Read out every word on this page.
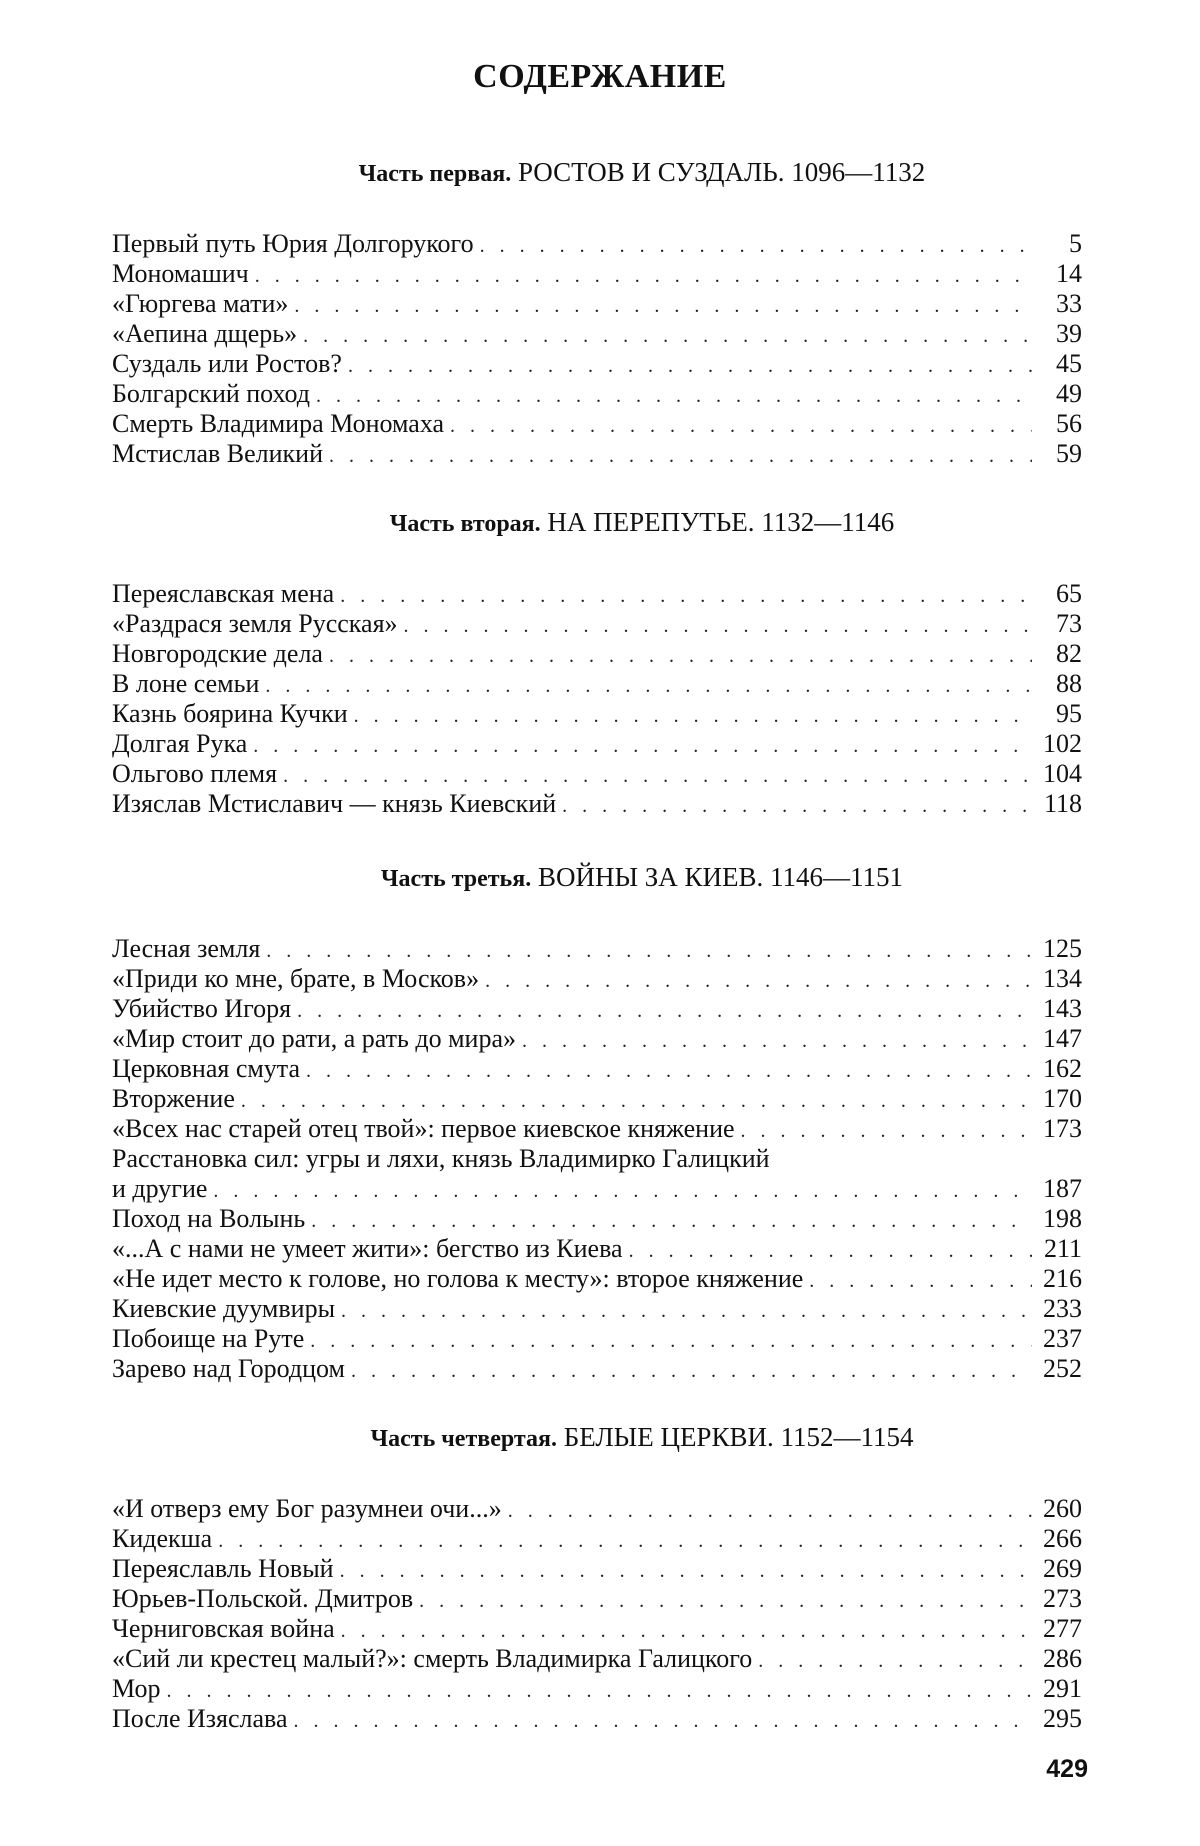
СОДЕРЖАНИЕ
Часть первая. РОСТОВ И СУЗДАЛЬ. 1096—1132
Первый путь Юрия Долгорукого . . .	5
Мономашич . . .	14
«Гюргева мати» . . .	33
«Аепина дщерь» . . .	39
Суздаль или Ростов? . . .	45
Болгарский поход . . .	49
Смерть Владимира Мономаха . . .	56
Мстислав Великий . . .	59
Часть вторая. НА ПЕРЕПУТЬЕ. 1132—1146
Переяславская мена . . .	65
«Раздрася земля Русская» . . .	73
Новгородские дела . . .	82
В лоне семьи . . .	88
Казнь боярина Кучки . . .	95
Долгая Рука . . .	102
Ольгово племя . . .	104
Изяслав Мстиславич — князь Киевский . . .	118
Часть третья. ВОЙНЫ ЗА КИЕВ. 1146—1151
Лесная земля . . .	125
«Приди ко мне, брате, в Москов» . . .	134
Убийство Игоря . . .	143
«Мир стоит до рати, а рать до мира» . . .	147
Церковная смута . . .	162
Вторжение . . .	170
«Всех нас старей отец твой»: первое киевское княжение . . .	173
Расстановка сил: угры и ляхи, князь Владимирко Галицкий
и другие . . .	187
Поход на Волынь . . .	198
«...А с нами не умеет жити»: бегство из Киева . . .	211
«Не идет место к голове, но голова к месту»: второе княжение . . .	216
Киевские дуумвиры . . .	233
Побоище на Руте . . .	237
Зарево над Городцом . . .	252
Часть четвертая. БЕЛЫЕ ЦЕРКВИ. 1152—1154
«И отверз ему Бог разумнеи очи...» . . .	260
Кидекша . . .	266
Переяславль Новый . . .	269
Юрьев-Польской. Дмитров . . .	273
Черниговская война . . .	277
«Сий ли крестец малый?»: смерть Владимирка Галицкого . . .	286
Мор . . .	291
После Изяслава . . .	295
429
